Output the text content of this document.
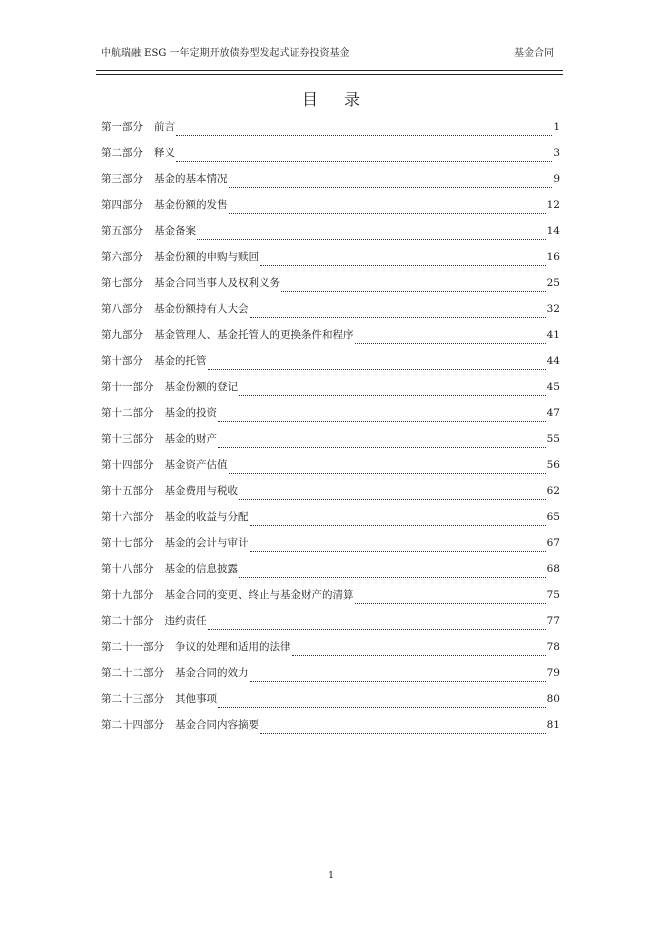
中航瑞融 ESG 一年定期开放债券型发起式证券投资基金	基金合同
目录
第一部分 前言	1
第二部分 释义	3
第三部分 基金的基本情况	9
第四部分 基金份额的发售	12
第五部分 基金备案	14
第六部分 基金份额的申购与赎回	16
第七部分 基金合同当事人及权利义务	25
第八部分 基金份额持有人大会	32
第九部分 基金管理人、基金托管人的更换条件和程序	41
第十部分 基金的托管	44
第十一部分 基金份额的登记	45
第十二部分 基金的投资	47
第十三部分 基金的财产	55
第十四部分 基金资产估值	56
第十五部分 基金费用与税收	62
第十六部分 基金的收益与分配	65
第十七部分 基金的会计与审计	67
第十八部分 基金的信息披露	68
第十九部分 基金合同的变更、终止与基金财产的清算	75
第二十部分 违约责任	77
第二十一部分 争议的处理和适用的法律	78
第二十二部分 基金合同的效力	79
第二十三部分 其他事项	80
第二十四部分 基金合同内容摘要	81
1
